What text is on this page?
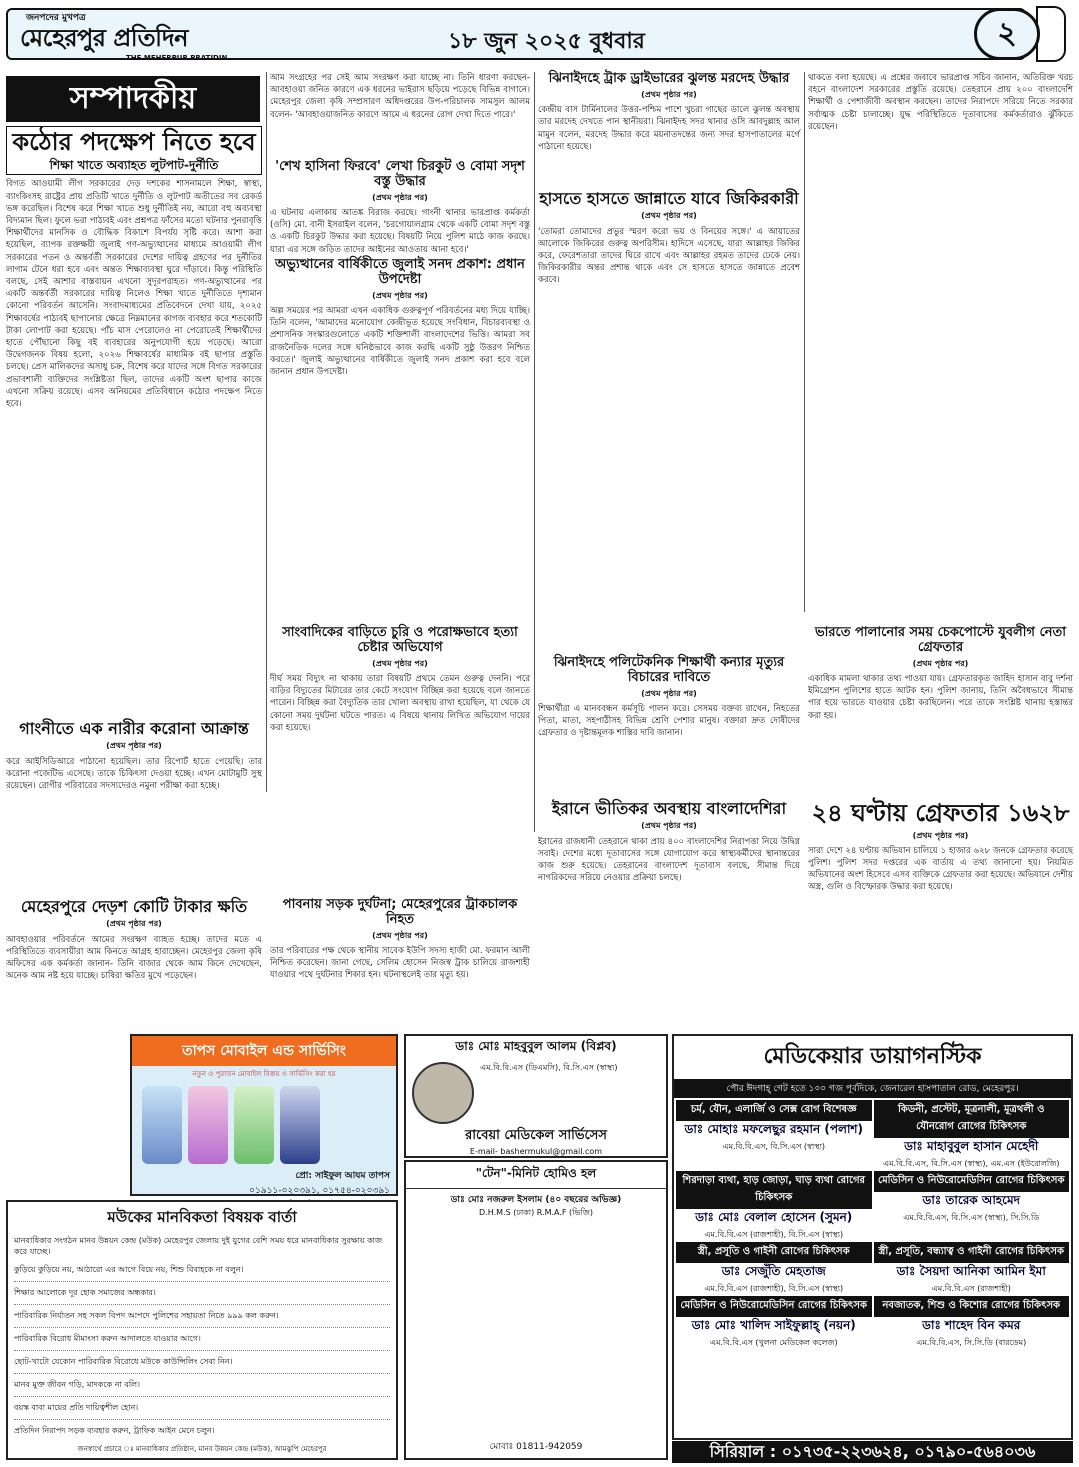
জনপদের মুখপত্র
মেহেরপুর প্রতিদিন
THE MEHERPUR PRATIDIN
১৮ জুন ২০২৫ বুধবার	২
সম্পাদকীয়
কঠোর পদক্ষেপ নিতে হবে
শিক্ষা খাতে অব্যাহত লুটপাট-দুর্নীতি
বিগত আওয়ামী লীগ সরকারের দেড় দশকের শাসনামলে শিক্ষা, স্বাস্থ্য, ব্যাংকিংসহ রাষ্ট্রের প্রায় প্রতিটি খাতে দুর্নীতি ও লুটপাট অতীতের সব রেকর্ড ভঙ্গ করেছিল। বিশেষ করে শিক্ষা খাতে শুধু দুর্নীতিই নয়, আরো বহু অব্যবস্থা বিদ্যমান ছিল। ফুলে ভরা পাঠ্যবই এবং প্রশ্নপত্র ফাঁসের মতো ঘটনার পুনরাবৃত্তি শিক্ষার্থীদের মানসিক ও বৌদ্ধিক বিকাশে বিপর্যয় সৃষ্টি করে। আশা করা হয়েছিল, ব্যাপক রক্তক্ষয়ী জুলাই গণ-অভ্যুত্থানের মাধ্যমে আওয়ামী লীগ সরকারের পতন ও অন্তর্বর্তী সরকারের দেশের দায়িত্ব গ্রহণের পর দুর্নীতির লাগাম টেনে ধরা হবে এবং অন্তত শিক্ষাব্যবস্থা ঘুরে দাঁড়াবে। কিন্তু পরিস্থিতি বলছে, সেই আশার বাস্তবায়ন এখনো সুদূরপরাহত। গণ-অভ্যুত্থানের পর একটি অন্তর্বর্তী সরকারের দায়িত্ব নিলেও শিক্ষা খাতে দুর্নীতিতে দৃশ্যমান কোনো পরিবর্তন আসেনি। সংবাদমাধ্যমের প্রতিবেদনে দেখা যায়, ২০২৫ শিক্ষাবর্ষের পাঠ্যবই ছাপানোর ক্ষেত্রে নিম্নমানের কাগজ ব্যবহার করে শতকোটি টাকা লোপাট করা হয়েছে। পাঁচ মাস পেরোলেও না পেরোতেই শিক্ষার্থীদের হাতে পৌঁছানো কিছু বই ব্যবহারের অনুপযোগী হয়ে পড়েছে। আরো উদ্বেগজনক বিষয় হলো, ২০২৬ শিক্ষাবর্ষের মাধ্যমিক বই ছাপার প্রস্তুতি চলছে। প্রেস মালিকদের অসাধু চক্র, বিশেষ করে যাদের সঙ্গে বিগত সরকারের প্রভাবশালী ব্যক্তিদের সংশ্লিষ্টতা ছিল, তাদের একটি অংশ ছাপার কাজে এখনো সক্রিয় রয়েছে। এসব অনিয়মের প্রতিবিধানে কঠোর পদক্ষেপ নিতে হবে।
গাংনীতে এক নারীর করোনা আক্রান্ত
(প্রথম পৃষ্ঠার পর)
করে আইসিডিআরে পাঠানো হয়েছিল। তার রিপোর্ট হাতে পেয়েছি। তার করোনা পজেটিভ এসেছে। তাকে চিকিৎসা দেওয়া হচ্ছে। এখন মোটামুটি সুস্থ রয়েছেন। রোগীর পরিবারের সদস্যদেরও নমুনা পরীক্ষা করা হচ্ছে।
মেহেরপুরে দেড়শ কোটি টাকার ক্ষতি
(প্রথম পৃষ্ঠার পর)
আবহাওয়ার পরিবর্তনে আমের সংরক্ষণ ব্যাহত হচ্ছে। তাদের মতে এ পরিস্থিতিতে ব্যবসায়ীরা আম কিনতে আগ্রহ হারাচ্ছেন। মেহেরপুর জেলা কৃষি অফিসের এক কর্মকর্তা জানান- তিনি বাজার থেকে আম কিনে দেখেছেন, অনেক আম নষ্ট হয়ে যাচ্ছে। চাষিরা ক্ষতির মুখে পড়েছেন।
আম সংগ্রহের পর সেই আম সংরক্ষণ করা যাচ্ছে না। তিনি ধারণা করছেন- আবহাওয়া জনিত কারণে এক ধরনের ভাইরাস ছড়িয়ে পড়েছে বিভিন্ন বাগানে। মেহেরপুর জেলা কৃষি সম্প্রসারণ অধিদপ্তরের উপ-পরিচালক সামসুল আলম বলেন- 'আবহাওয়াজনিত কারণে আমে এ ধরনের রোগ দেখা দিতে পারে।'
'শেখ হাসিনা ফিরবে' লেখা চিরকুট ও বোমা সদৃশ বস্তু উদ্ধার
(প্রথম পৃষ্ঠার পর)
এ ঘটনায় এলাকায় আতঙ্ক বিরাজ করছে। গাংনী থানার ভারপ্রাপ্ত কর্মকর্তা (ওসি) মো. বানী ইসরাইল বলেন, 'চরগোয়ালগ্রাম থেকে একটি বোমা সদৃশ বস্তু ও একটি চিরকুট উদ্ধার করা হয়েছে। বিষয়টি নিয়ে পুলিশ মাঠে কাজ করছে। যারা এর সঙ্গে জড়িত তাদের আইনের আওতায় আনা হবে।'
অভ্যুত্থানের বার্ষিকীতে জুলাই সনদ প্রকাশ: প্রধান উপদেষ্টা
(প্রথম পৃষ্ঠার পর)
অল্প সময়ের পর আমরা এখন একাধিক গুরুত্বপূর্ণ পরিবর্তনের মধ্য দিয়ে যাচ্ছি। তিনি বলেন, 'আমাদের মনোযোগ কেন্দ্রীভূত হয়েছে সংবিধান, বিচারব্যবস্থা ও প্রশাসনিক সংস্কারগুলোতে একটি শক্তিশালী বাংলাদেশের ভিত্তি। আমরা সব রাজনৈতিক দলের সঙ্গে ঘনিষ্ঠভাবে কাজ করছি একটি সুষ্ঠু উত্তরণ নিশ্চিত করতে।' জুলাই অভ্যুত্থানের বার্ষিকীতে জুলাই সনদ প্রকাশ করা হবে বলে জানান প্রধান উপদেষ্টা।
সাংবাদিকের বাড়িতে চুরি ও পরোক্ষভাবে হত্যা চেষ্টার অভিযোগ
(প্রথম পৃষ্ঠার পর)
দীর্ঘ সময় বিদ্যুৎ না থাকায় তারা বিষয়টি প্রথমে তেমন গুরুত্ব দেননি। পরে বাড়ির বিদ্যুতের মিটারের তার কেটে সংযোগ বিচ্ছিন্ন করা হয়েছে বলে জানতে পারেন। বিচ্ছিন্ন করা বৈদ্যুতিক তার খোলা অবস্থায় রাখা হয়েছিল, যা থেকে যে কোনো সময় দুর্ঘটনা ঘটতে পারত। এ বিষয়ে থানায় লিখিত অভিযোগ দায়ের করা হয়েছে।
পাবনায় সড়ক দুর্ঘটনা; মেহেরপুরের ট্রাকচালক নিহত
(প্রথম পৃষ্ঠার পর)
তার পরিবারের পক্ষ থেকে স্থানীয় সাবেক ইউপি সদস্য হাজী মো. ফরমান আলী নিশ্চিত করেছেন। জানা গেছে, সেলিম হোসেন নিজস্ব ট্রাক চালিয়ে রাজশাহী যাওয়ার পথে দুর্ঘটনার শিকার হন। ঘটনাস্থলেই তার মৃত্যু হয়।
ঝিনাইদহে ট্রাক ড্রাইভারের ঝুলন্ত মরদেহ উদ্ধার
(প্রথম পৃষ্ঠার পর)
কেন্দ্রীয় বাস টার্মিনালের উত্তর-পশ্চিম পাশে খুচরা গাছের ডালে ঝুলন্ত অবস্থায় তার মরদেহ দেখতে পান স্থানীয়রা। ঝিনাইদহ সদর থানার ওসি আবদুল্লাহ আল মামুন বলেন, মরদেহ উদ্ধার করে ময়নাতদন্তের জন্য সদর হাসপাতালের মর্গে পাঠানো হয়েছে।
হাসতে হাসতে জান্নাতে যাবে জিকিরকারী
(প্রথম পৃষ্ঠার পর)
'তোমরা তোমাদের প্রভুর স্মরণ করো ভয় ও বিনয়ের সঙ্গে।' এ আয়াতের আলোকে জিকিরের গুরুত্ব অপরিসীম। হাদিসে এসেছে, যারা আল্লাহর জিকির করে, ফেরেশতারা তাদের ঘিরে রাখে এবং আল্লাহর রহমত তাদের ঢেকে নেয়। জিকিরকারীর অন্তর প্রশান্ত থাকে এবং সে হাসতে হাসতে জান্নাতে প্রবেশ করবে।
ঝিনাইদহে পলিটেকনিক শিক্ষার্থী কন্যার মৃত্যুর বিচারের দাবিতে
(প্রথম পৃষ্ঠার পর)
শিক্ষার্থীরা এ মানববন্ধন কর্মসূচি পালন করে। সেসময় বক্তব্য রাখেন, নিহতের পিতা, মাতা, সহপাঠীসহ বিভিন্ন শ্রেণি পেশার মানুষ। বক্তারা দ্রুত দোষীদের গ্রেফতার ও দৃষ্টান্তমূলক শাস্তির দাবি জানান।
ইরানে ভীতিকর অবস্থায় বাংলাদেশিরা
(প্রথম পৃষ্ঠার পর)
ইরানের রাজধানী তেহরানে থাকা প্রায় ৪০০ বাংলাদেশির নিরাপত্তা নিয়ে উদ্বিগ্ন সবাই। দেশের মধ্যে দূতাবাসের সঙ্গে যোগাযোগ করে স্বাস্থ্যকর্মীদের স্থানান্তরের কাজ শুরু হয়েছে। তেহরানের বাংলাদেশ দূতাবাস বলছে, সীমান্ত দিয়ে নাগরিকদের সরিয়ে নেওয়ার প্রক্রিয়া চলছে।
থাকতে বলা হয়েছে। এ প্রশ্নের জবাবে ভারপ্রাপ্ত সচিব জানান, অতিরিক্ত খরচ বহনে বাংলাদেশ সরকারের প্রস্তুতি রয়েছে। তেহরানে প্রায় ২০০ বাংলাদেশি শিক্ষার্থী ও পেশাজীবী অবস্থান করছেন। তাদের নিরাপদে সরিয়ে নিতে সরকার সর্বাত্মক চেষ্টা চালাচ্ছে। যুদ্ধ পরিস্থিতিতে দূতাবাসের কর্মকর্তারাও ঝুঁকিতে রয়েছেন।
ভারতে পালানোর সময় চেকপোস্টে যুবলীগ নেতা গ্রেফতার
(প্রথম পৃষ্ঠার পর)
একাধিক মামলা থাকার তথ্য পাওয়া যায়। গ্রেফতারকৃত জাহিদ হাসান বাবু দর্শনা ইমিগ্রেশন পুলিশের হাতে আটক হন। পুলিশ জানায়, তিনি অবৈধভাবে সীমান্ত পার হয়ে ভারতে যাওয়ার চেষ্টা করছিলেন। পরে তাকে সংশ্লিষ্ট থানায় হস্তান্তর করা হয়।
২৪ ঘণ্টায় গ্রেফতার ১৬২৮
(প্রথম পৃষ্ঠার পর)
সারা দেশে ২৪ ঘণ্টায় অভিযান চালিয়ে ১ হাজার ৬২৮ জনকে গ্রেফতার করেছে পুলিশ। পুলিশ সদর দপ্তরের এক বার্তায় এ তথ্য জানানো হয়। নিয়মিত অভিযানের অংশ হিসেবে এসব ব্যক্তিকে গ্রেফতার করা হয়েছে। অভিযানে দেশীয় অস্ত্র, গুলি ও বিস্ফোরক উদ্ধার করা হয়েছে।
তাপস মোবাইল এন্ড সার্ভিসিং
নতুন ও পুরাতন মোবাইল বিক্রয় ও সার্ভিসিং করা হয়
প্রো: সাইফুল আযম তাপস
০১৯১১-০২০৩৯১, ০১৭৫৪-০২০৩৯১
ডাঃ মোঃ মাহবুবুল আলম (বিপ্লব)
এম.বি.বি.এস (ডিএমসি), বি.সি.এস (স্বাস্থ্য)
রাবেয়া মেডিকেল সার্ভিসেস
E-mail- bashermukul@gmail.com
"টেন"-মিনিট হোমিও হল
ডাঃ মোঃ নজরুল ইসলাম (৪০ বছরের অভিজ্ঞ)
D.H.M.S (ঢাকা) R.M.A.F (ভিজি)
মোবাঃ 01811-942059
মউকের মানবিকতা বিষয়ক বার্তা
মানবাধিকার সংগঠন মানব উন্নয়ন কেন্দ্র (মউক) মেহেরপুর জেলায় দুই যুগের বেশি সময় ধরে মানবাধিকার সুরক্ষায় কাজ করে যাচ্ছে।
কুড়িয়ে কুড়িয়ে নয়, আঠারো এর আগে বিয়ে নয়, শিশু বিবাহকে না বলুন।
শিক্ষার আলোকে দূর হোক সমাজের অন্ধকার।
পারিবারিক নির্যাতন সহ সকল বিপদ আপদে পুলিশের সহায়তা নিতে ৯৯৯ কল করুন।
পারিবারিক বিরোধ মীমাংসা করুন আদালতে যাওয়ার আগে।
ছোট-খাটো যেকোন পারিবারিক বিরোধে মউকে কাউন্সিলিং সেবা নিন।
মানব মুক্ত জীবন গড়ি, মাদককে না বলি।
বয়স্ক বাবা মায়ের প্রতি দায়িত্বশীল হোন।
প্রতিদিন নিরাপদ সড়ক ব্যবহার করুন, ট্রাফিক আইন মেনে চলুন।
জনস্বার্থে প্রচারে ঃ মানবাধিকার প্রতিষ্ঠান, মানব উন্নয়ন কেন্দ্র (মউক), আমঝুপি মেহেরপুর
মেডিকেয়ার ডায়াগনস্টিক
পৌর ঈদগাহ্ গেট হতে ১০০ গজ পূর্বদিকে, জেনারেল হাসপাতাল রোড, মেহেরপুর।
চর্ম, যৌন, এলার্জি ও সেক্স রোগ বিশেষজ্ঞ
ডাঃ মোহাঃ মফলেছুর রহমান (পলাশ)
এম.বি.বি.এস, বি.সি.এস (স্বাস্থ্য)
কিডনী, প্রস্টেট, মূত্রনালী, মূত্রথলী ও যৌনরোগ রোগের চিকিৎসক
ডাঃ মাহাবুবুল হাসান মেহেদী
এম.বি.বি.এস, বি.সি.এস (স্বাস্থ্য), এম.এস (ইউরোলজি)
শিরদাড়া ব্যথা, হাড় জোড়া, ঘাড় ব্যথা রোগের চিকিৎসক
ডাঃ মোঃ বেলাল হোসেন (সুমন)
এম.বি.বি.এস (রাজশাহী), বি.সি.এস (স্বাস্থ্য)
মেডিসিন ও নিউরোমেডিসিন রোগের চিকিৎসক
ডাঃ তারেক আহমেদ
এম.বি.বি.এস, বি.সি.এস (স্বাস্থ্য), সি.সি.ডি
স্ত্রী, প্রসূতি ও গাইনী রোগের চিকিৎসক
ডাঃ সেজুঁতি মেহতাজ
এম.বি.বি.এস (রাজশাহী), বি.সি.এস (স্বাস্থ্য)
স্ত্রী, প্রসূতি, বন্ধ্যাত্ব ও গাইনী রোগের চিকিৎসক
ডাঃ সৈয়দা আনিকা আমিন ইমা
এম.বি.বি.এস (রাজশাহী)
মেডিসিন ও নিউরোমেডিসিন রোগের চিকিৎসক
ডাঃ মোঃ খালিদ সাইফুল্লাহ্ (নয়ন)
এম.বি.বি.এস (খুলনা মেডিকেল কলেজ)
নবজাতক, শিশু ও কিশোর রোগের চিকিৎসক
ডাঃ শাহেদ বিন কমর
এম.বি.বি.এস, সি.সি.ডি (বারডেম)
সিরিয়াল : ০১৭৩৫-২২৩৬২৪, ০১৭৯০-৫৬৪০৩৬
